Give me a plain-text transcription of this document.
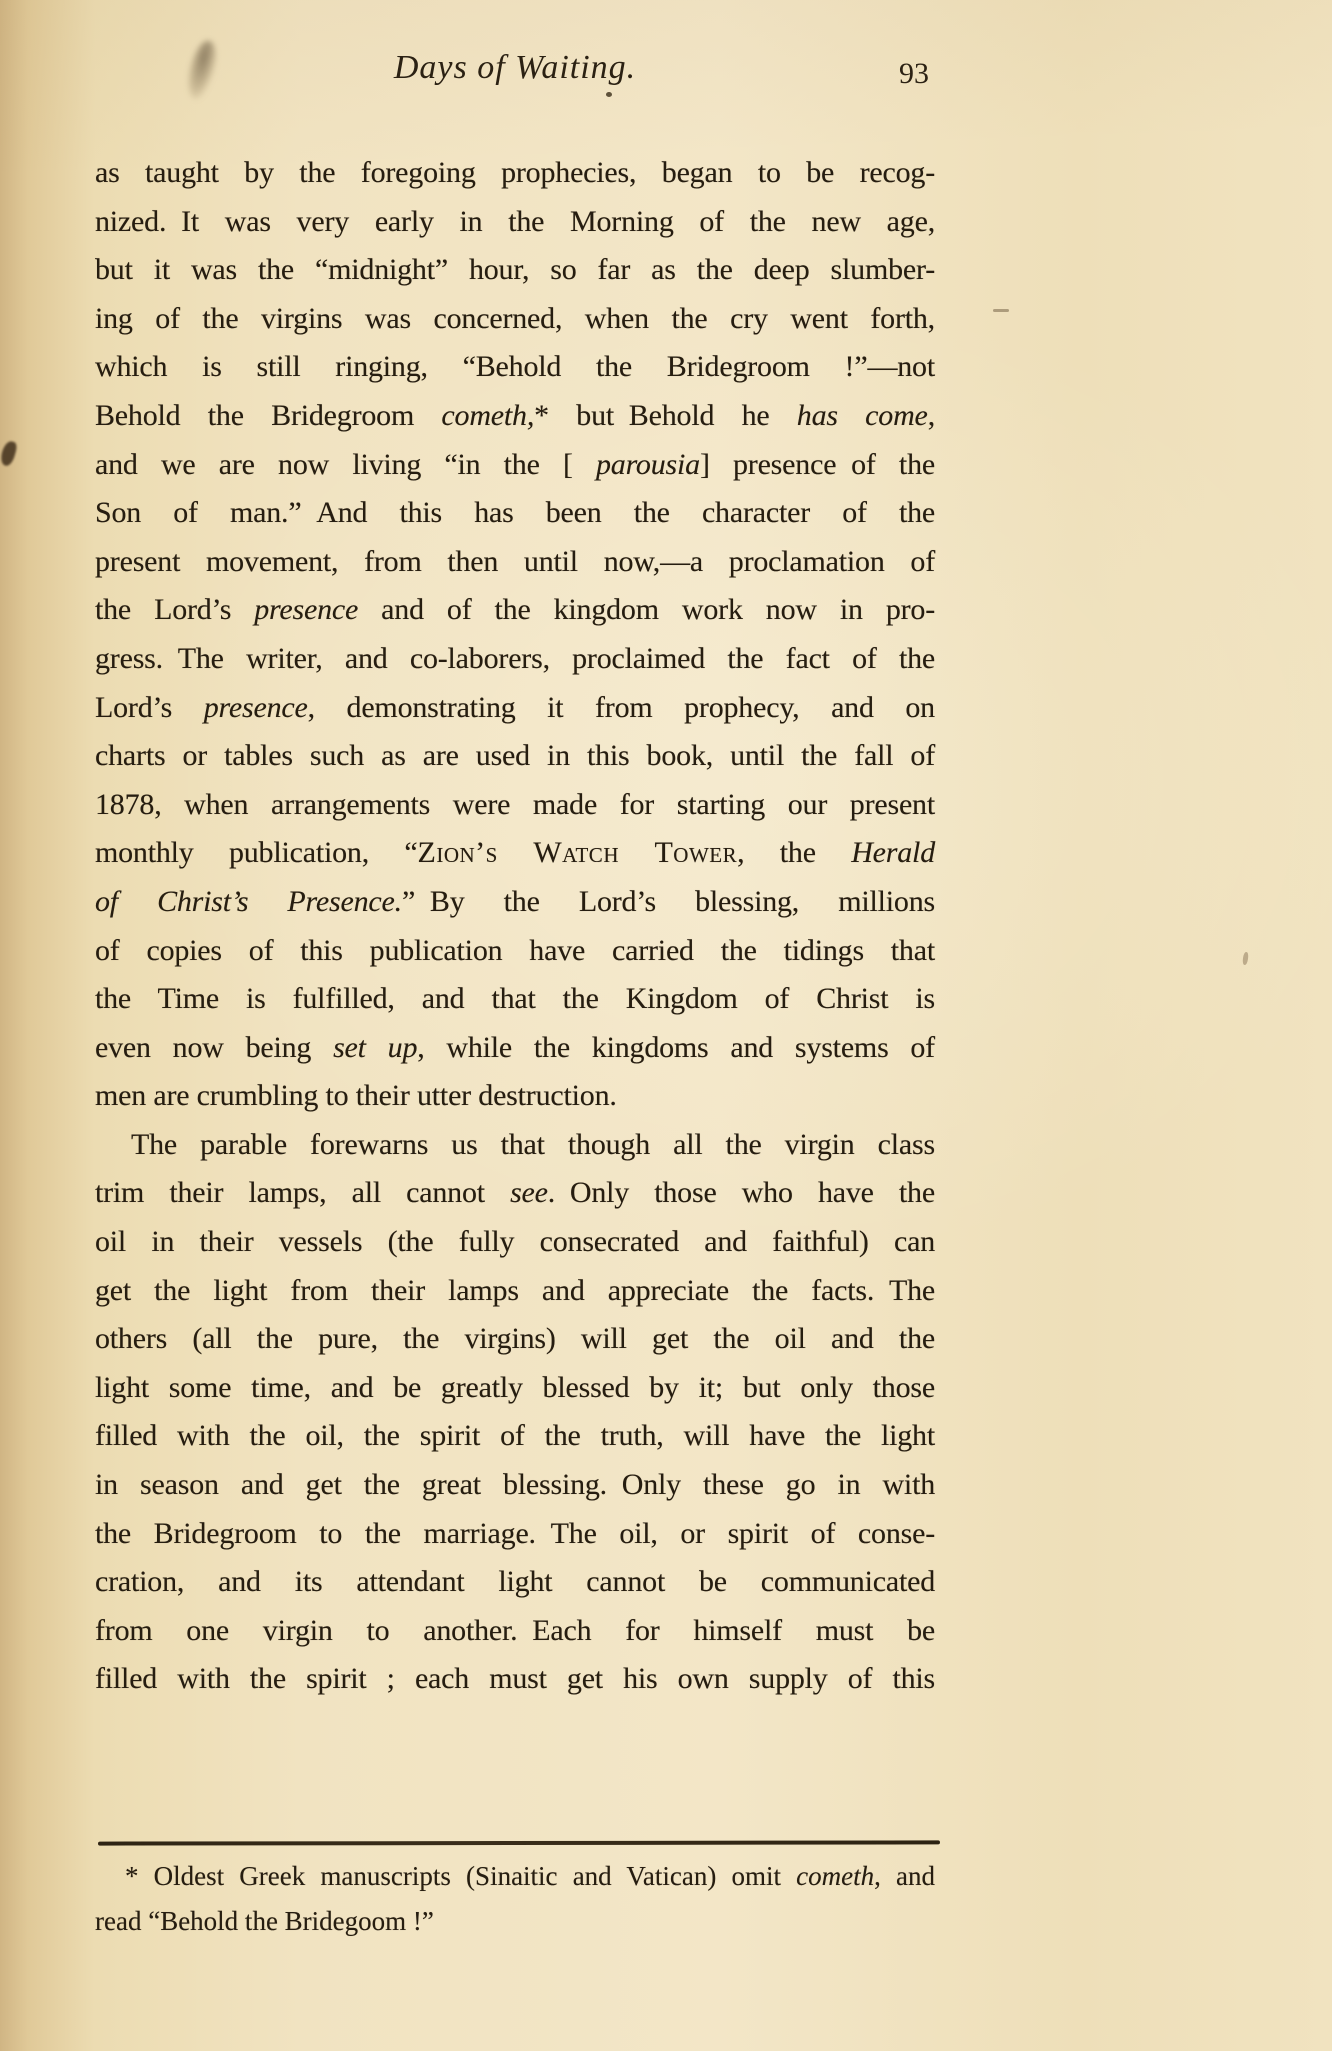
Days of Waiting.	93
as taught by the foregoing prophecies, began to be recog-
nized. It was very early in the Morning of the new age,
but it was the “midnight” hour, so far as the deep slumber-
ing of the virgins was concerned, when the cry went forth,
which is still ringing, “Behold the Bridegroom !”—not
Behold the Bridegroom cometh,* but Behold he has come,
and we are now living “in the [ parousia] presence of the
Son of man.” And this has been the character of the
present movement, from then until now,—a proclamation of
the Lord’s presence and of the kingdom work now in pro-
gress. The writer, and co-laborers, proclaimed the fact of the
Lord’s presence, demonstrating it from prophecy, and on
charts or tables such as are used in this book, until the fall of
1878, when arrangements were made for starting our present
monthly publication, “Zion’s Watch Tower, the Herald
of Christ’s Presence.” By the Lord’s blessing, millions
of copies of this publication have carried the tidings that
the Time is fulfilled, and that the Kingdom of Christ is
even now being set up, while the kingdoms and systems of
men are crumbling to their utter destruction.
The parable forewarns us that though all the virgin class
trim their lamps, all cannot see. Only those who have the
oil in their vessels (the fully consecrated and faithful) can
get the light from their lamps and appreciate the facts. The
others (all the pure, the virgins) will get the oil and the
light some time, and be greatly blessed by it; but only those
filled with the oil, the spirit of the truth, will have the light
in season and get the great blessing. Only these go in with
the Bridegroom to the marriage. The oil, or spirit of conse-
cration, and its attendant light cannot be communicated
from one virgin to another. Each for himself must be
filled with the spirit ; each must get his own supply of this
* Oldest Greek manuscripts (Sinaitic and Vatican) omit cometh, and
read “Behold the Bridegoom !”
